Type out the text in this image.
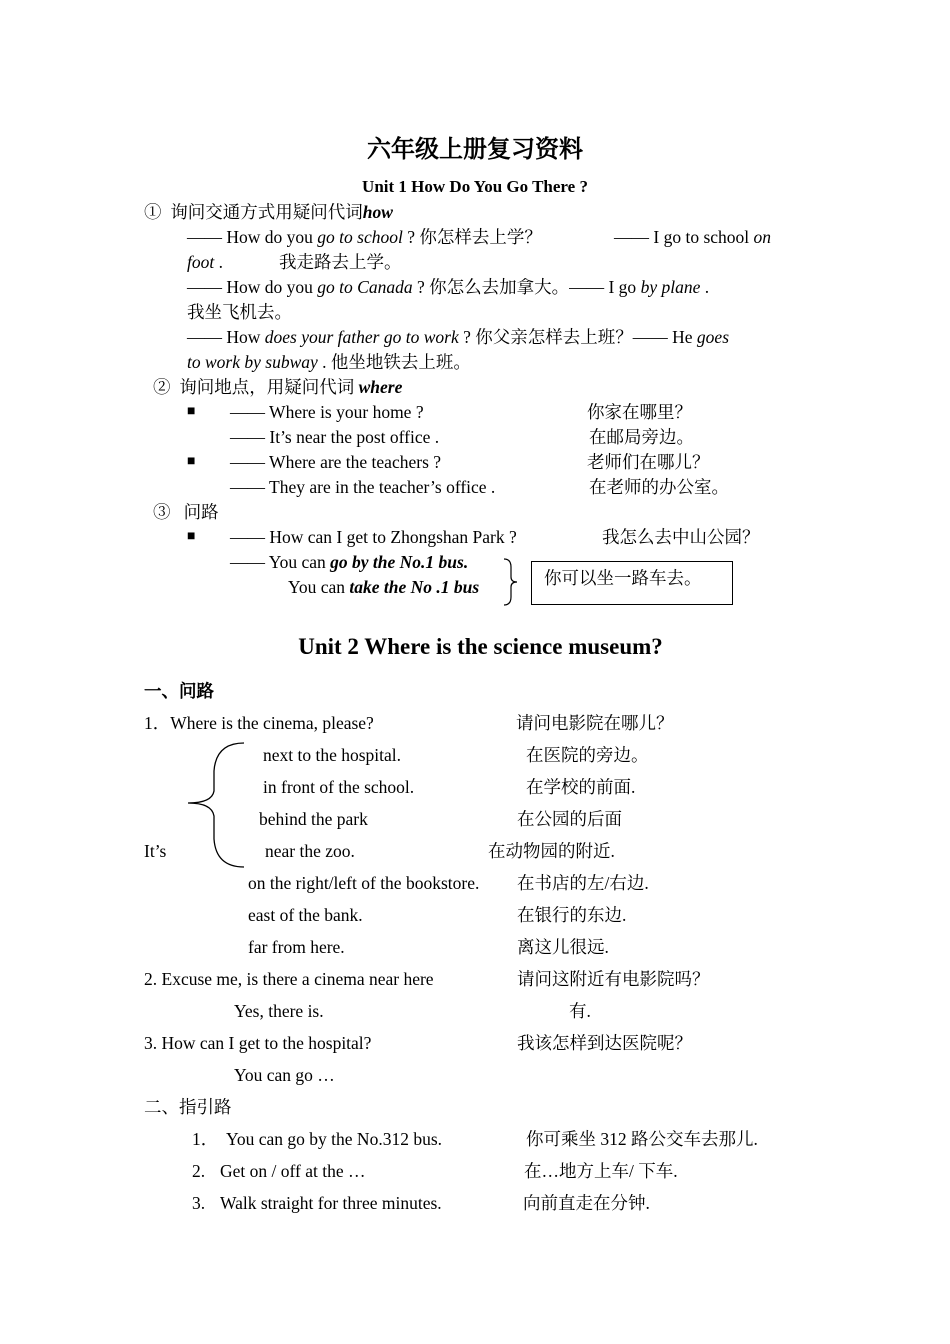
六年级上册复习资料
Unit 1 How Do You Go There ?
① 询问交通方式用疑问代词how
—— How do you go to school ? 你怎样去上学？	—— I go to school on
foot .	我走路去上学。
—— How do you go to Canada ? 你怎么去加拿大。—— I go by plane .
我坐飞机去。
—— How does your father go to work ? 你父亲怎样去上班？—— He goes
to work by subway . 他坐地铁去上班。
② 询问地点，用疑问代词 where
■ —— Where is your home ?	你家在哪里？
—— It’s near the post office .	在邮局旁边。
■ —— Where are the teachers ?	老师们在哪儿？
—— They are in the teacher’s office .	在老师的办公室。
③ 问路
■ —— How can I get to Zhongshan Park ?	我怎么去中山公园？
—— You can go by the No.1 bus.
You can take the No .1 bus	你可以坐一路车去。
Unit 2 Where is the science museum?
一、问路
1．Where is the cinema, please?	请问电影院在哪儿？
It’s
next to the hospital.	在医院的旁边。
in front of the school.	在学校的前面.
behind the park	在公园的后面
near the zoo.	在动物园的附近.
on the right/left of the bookstore. 在书店的左/右边.
east of the bank.	在银行的东边.
far from here.	离这儿很远.
2. Excuse me, is there a cinema near here	请问这附近有电影院吗？
Yes, there is.	有.
3. How can I get to the hospital?	我该怎样到达医院呢？
You can go …
二、指引路
1． You can go by the No.312 bus.	你可乘坐 312 路公交车去那儿.
2. Get on / off at the …	在…地方上车/ 下车.
3. Walk straight for three minutes.	向前直走在分钟.
